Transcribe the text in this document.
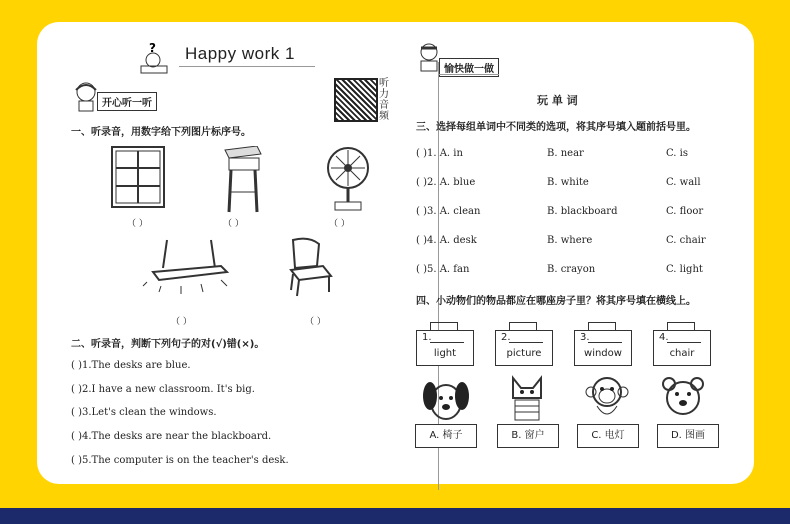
? Happy work 1
开心听一听
听力音频
一、听录音，用数字给下列图片标序号。
（ ）	（ ）	（ ）
（ ）	（ ）
二、听录音，判断下列句子的对(√)错(×)。
( )1.The desks are blue.
( )2.I have a new classroom. It's big.
( )3.Let's clean the windows.
( )4.The desks are near the blackboard.
( )5.The computer is on the teacher's desk.
愉快做一做
玩 单 词
三、选择每组单词中不同类的选项，将其序号填入题前括号里。
( )1. A. in	B. near	C. is
( )2. A. blue	B. white	C. wall
( )3. A. clean	B. blackboard	C. floor
( )4. A. desk	B. where	C. chair
( )5. A. fan	B. crayon	C. light
四、小动物们的物品都应在哪座房子里？将其序号填在横线上。
1.
light
2.
picture
3.
window
4.
chair
A. 椅子	B. 窗户	C. 电灯	D. 图画
